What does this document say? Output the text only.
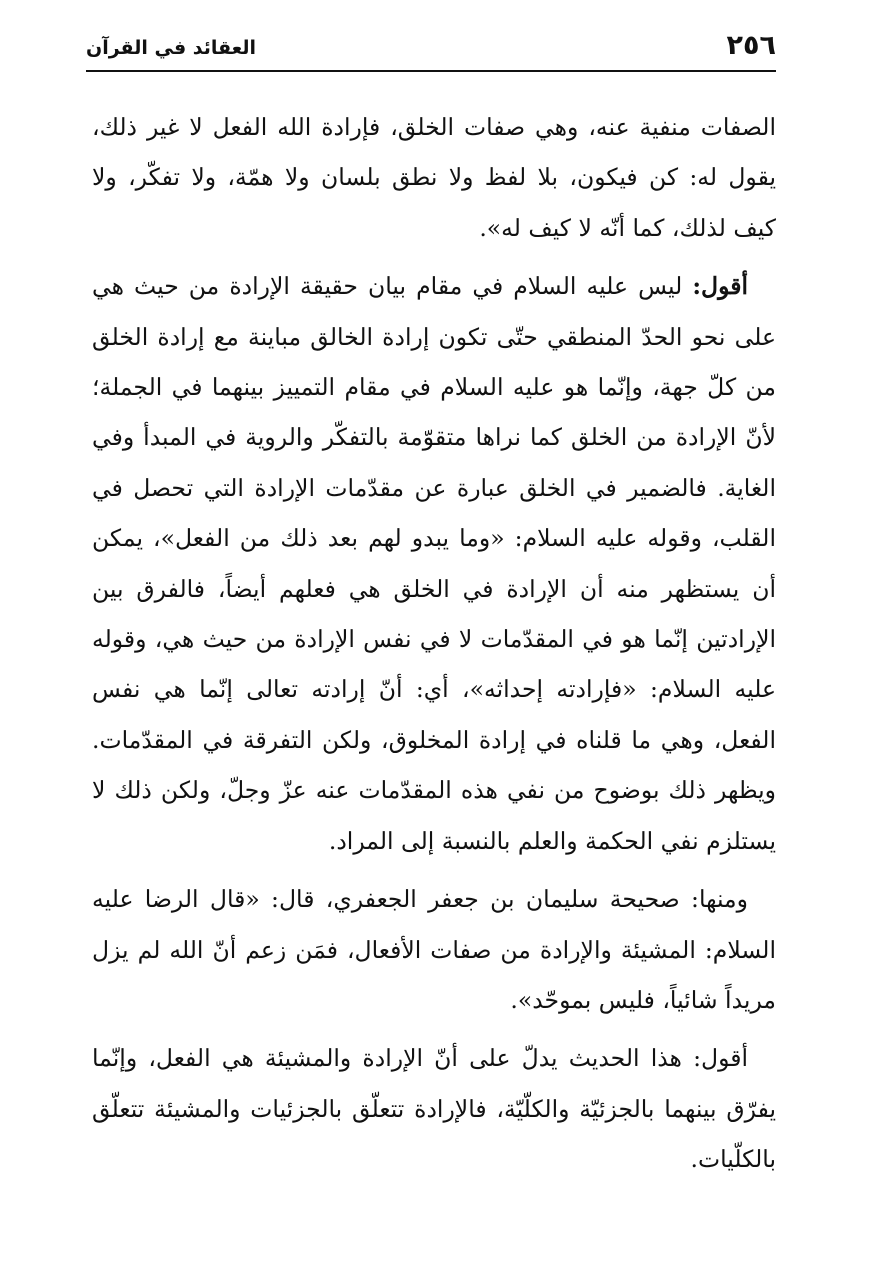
٢٥٦
العقائد في القرآن

الصفات منفية عنه، وهي صفات الخلق، فإرادة الله الفعل لا غير ذلك، يقول له: كن فيكون، بلا لفظ ولا نطق بلسان ولا همّة، ولا تفكّر، ولا كيف لذلك، كما أنّه لا كيف له».

أقول: ليس عليه السلام في مقام بيان حقيقة الإرادة من حيث هي على نحو الحدّ المنطقي حتّى تكون إرادة الخالق مباينة مع إرادة الخلق من كلّ جهة، وإنّما هو عليه السلام في مقام التمييز بينهما في الجملة؛ لأنّ الإرادة من الخلق كما نراها متقوّمة بالتفكّر والروية في المبدأ وفي الغاية. فالضمير في الخلق عبارة عن مقدّمات الإرادة التي تحصل في القلب، وقوله عليه السلام: «وما يبدو لهم بعد ذلك من الفعل»، يمكن أن يستظهر منه أن الإرادة في الخلق هي فعلهم أيضاً، فالفرق بين الإرادتين إنّما هو في المقدّمات لا في نفس الإرادة من حيث هي، وقوله عليه السلام: «فإرادته إحداثه»، أي: أنّ إرادته تعالى إنّما هي نفس الفعل، وهي ما قلناه في إرادة المخلوق، ولكن التفرقة في المقدّمات. ويظهر ذلك بوضوح من نفي هذه المقدّمات عنه عزّ وجلّ، ولكن ذلك لا يستلزم نفي الحكمة والعلم بالنسبة إلى المراد.

ومنها: صحيحة سليمان بن جعفر الجعفري، قال: «قال الرضا عليه السلام: المشيئة والإرادة من صفات الأفعال، فمَن زعم أنّ الله لم يزل مريداً شائياً، فليس بموحّد».

أقول: هذا الحديث يدلّ على أنّ الإرادة والمشيئة هي الفعل، وإنّما يفرّق بينهما بالجزئيّة والكلّيّة، فالإرادة تتعلّق بالجزئيات والمشيئة تتعلّق بالكلّيات.
